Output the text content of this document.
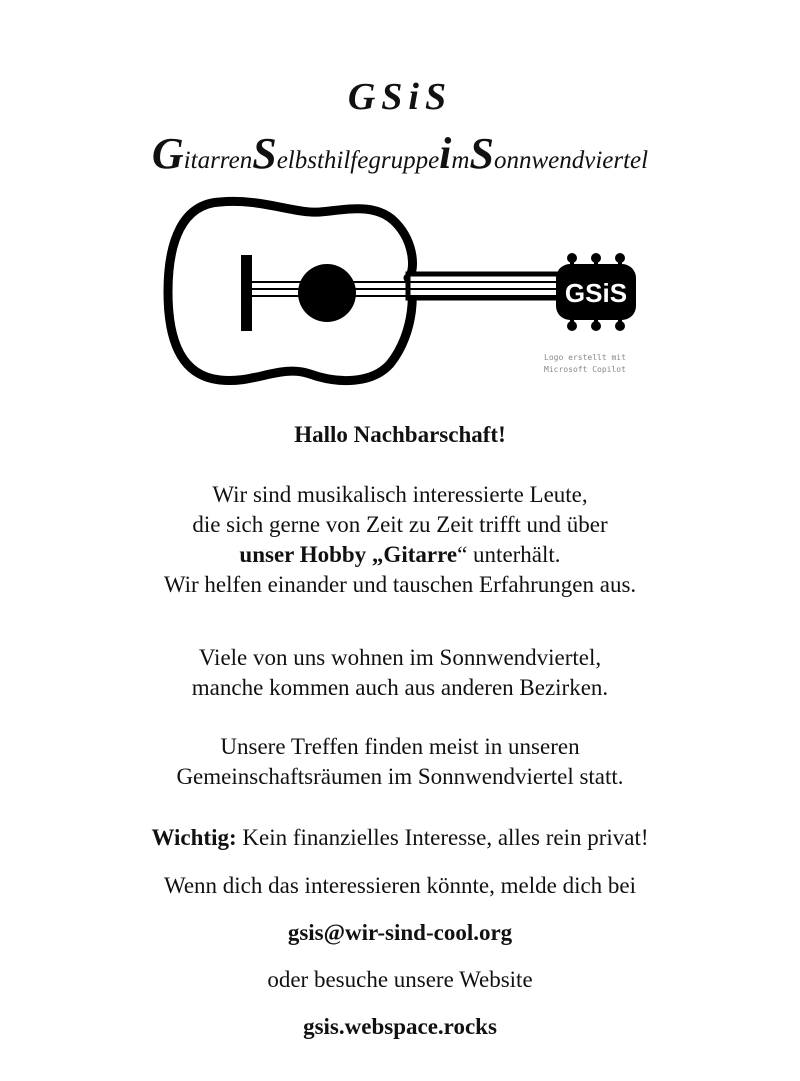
GSiS
GitarrenSelbsthilfegruppeimSonnwendviertel
GSiS
Logo erstellt mit
Microsoft Copilot
Hallo Nachbarschaft!
Wir sind musikalisch interessierte Leute,
die sich gerne von Zeit zu Zeit trifft und über
unser Hobby „Gitarre“ unterhält.
Wir helfen einander und tauschen Erfahrungen aus.
Viele von uns wohnen im Sonnwendviertel,
manche kommen auch aus anderen Bezirken.
Unsere Treffen finden meist in unseren
Gemeinschaftsräumen im Sonnwendviertel statt.
Wichtig: Kein finanzielles Interesse, alles rein privat!
Wenn dich das interessieren könnte, melde dich bei
gsis@wir-sind-cool.org
oder besuche unsere Website
gsis.webspace.rocks
